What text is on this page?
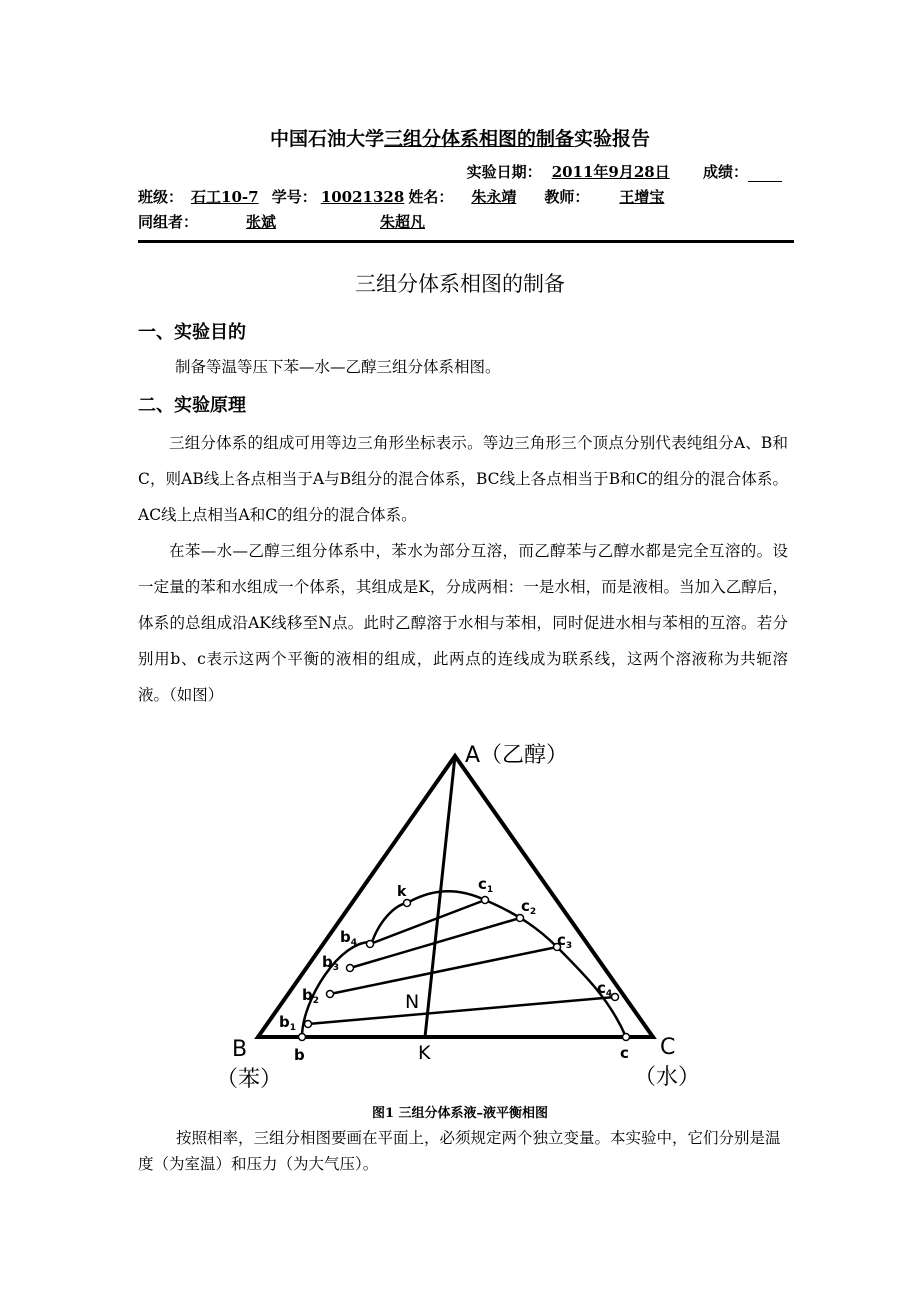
中国石油大学三组分体系相图的制备实验报告
实验日期： 2011年9月28日 成绩：
班级： 石工10-7 学号： 10021328 姓名： 朱永靖 教师： 王增宝
同组者：	张斌	朱超凡
三组分体系相图的制备
一、实验目的
制备等温等压下苯—水—乙醇三组分体系相图。
二、实验原理

三组分体系的组成可用等边三角形坐标表示。等边三角形三个顶点分别代表纯组分A、B和C，则AB线上各点相当于A与B组分的混合体系，BC线上各点相当于B和C的组分的混合体系。AC线上点相当A和C的组分的混合体系。

在苯—水—乙醇三组分体系中，苯水为部分互溶，而乙醇苯与乙醇水都是完全互溶的。设一定量的苯和水组成一个体系，其组成是K，分成两相：一是水相，而是液相。当加入乙醇后，体系的总组成沿AK线移至N点。此时乙醇溶于水相与苯相，同时促进水相与苯相的互溶。若分别用b、c表示这两个平衡的液相的组成，此两点的连线成为联系线，这两个溶液称为共轭溶液。（如图）

A（乙醇）
B
（苯）
C
（水）
N
K
k
b	c
$b_1$
$b_2$
$b_3$
$b_4$
$c_1$
$c_2$
$c_3$
$c_4$
图1 三组分体系液–液平衡相图

按照相率，三组分相图要画在平面上，必须规定两个独立变量。本实验中，它们分别是温度（为室温）和压力（为大气压）。
